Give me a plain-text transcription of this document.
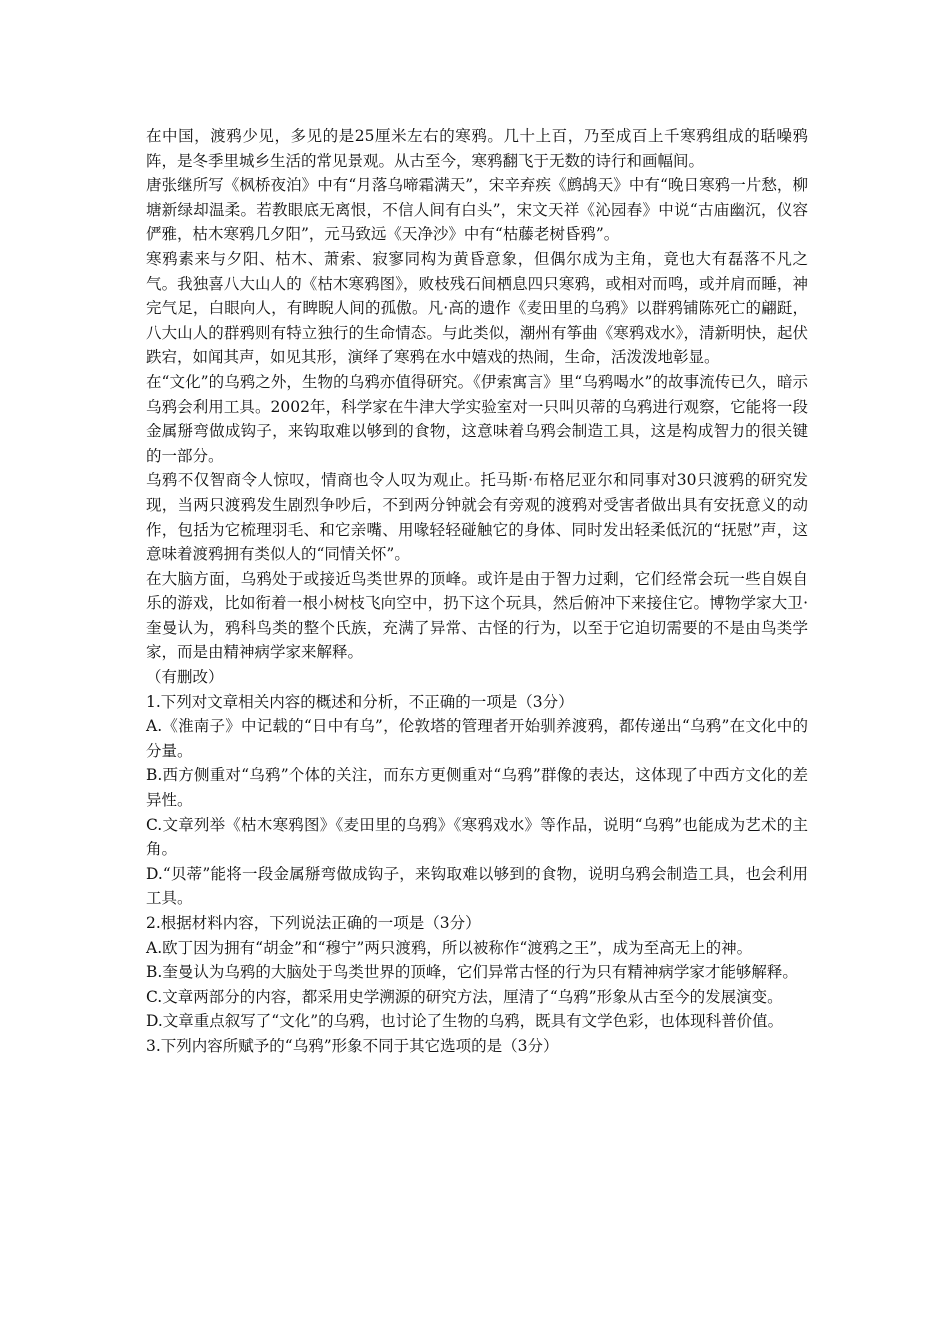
在中国，渡鸦少见，多见的是25厘米左右的寒鸦。几十上百，乃至成百上千寒鸦组成的聒噪鸦阵，是冬季里城乡生活的常见景观。从古至今，寒鸦翻飞于无数的诗行和画幅间。

唐张继所写《枫桥夜泊》中有“月落乌啼霜满天”，宋辛弃疾《鹧鸪天》中有“晚日寒鸦一片愁，柳塘新绿却温柔。若教眼底无离恨，不信人间有白头”，宋文天祥《沁园春》中说“古庙幽沉，仪容俨雅，枯木寒鸦几夕阳”，元马致远《天净沙》中有“枯藤老树昏鸦”。

寒鸦素来与夕阳、枯木、萧索、寂寥同构为黄昏意象，但偶尔成为主角，竟也大有磊落不凡之气。我独喜八大山人的《枯木寒鸦图》，败枝残石间栖息四只寒鸦，或相对而鸣，或并肩而睡，神完气足，白眼向人，有睥睨人间的孤傲。凡·高的遗作《麦田里的乌鸦》以群鸦铺陈死亡的翩跹，八大山人的群鸦则有特立独行的生命情态。与此类似，潮州有筝曲《寒鸦戏水》，清新明快，起伏跌宕，如闻其声，如见其形，演绎了寒鸦在水中嬉戏的热闹，生命，活泼泼地彰显。

在“文化”的乌鸦之外，生物的乌鸦亦值得研究。《伊索寓言》里“乌鸦喝水”的故事流传已久，暗示乌鸦会利用工具。2002年，科学家在牛津大学实验室对一只叫贝蒂的乌鸦进行观察，它能将一段金属掰弯做成钩子，来钩取难以够到的食物，这意味着乌鸦会制造工具，这是构成智力的很关键的一部分。

乌鸦不仅智商令人惊叹，情商也令人叹为观止。托马斯·布格尼亚尔和同事对30只渡鸦的研究发现，当两只渡鸦发生剧烈争吵后，不到两分钟就会有旁观的渡鸦对受害者做出具有安抚意义的动作，包括为它梳理羽毛、和它亲嘴、用喙轻轻碰触它的身体、同时发出轻柔低沉的“抚慰”声，这意味着渡鸦拥有类似人的“同情关怀”。

在大脑方面，乌鸦处于或接近鸟类世界的顶峰。或许是由于智力过剩，它们经常会玩一些自娱自乐的游戏，比如衔着一根小树枝飞向空中，扔下这个玩具，然后俯冲下来接住它。博物学家大卫·奎曼认为，鸦科鸟类的整个氏族，充满了异常、古怪的行为，以至于它迫切需要的不是由鸟类学家，而是由精神病学家来解释。

（有删改）

1.下列对文章相关内容的概述和分析，不正确的一项是（3分）

A.《淮南子》中记载的“日中有乌”，伦敦塔的管理者开始驯养渡鸦，都传递出“乌鸦”在文化中的分量。

B.西方侧重对“乌鸦”个体的关注，而东方更侧重对“乌鸦”群像的表达，这体现了中西方文化的差异性。

C.文章列举《枯木寒鸦图》《麦田里的乌鸦》《寒鸦戏水》等作品，说明“乌鸦”也能成为艺术的主角。

D.“贝蒂”能将一段金属掰弯做成钩子，来钩取难以够到的食物，说明乌鸦会制造工具，也会利用工具。

2.根据材料内容，下列说法正确的一项是（3分）

A.欧丁因为拥有“胡金”和“穆宁”两只渡鸦，所以被称作“渡鸦之王”，成为至高无上的神。

B.奎曼认为乌鸦的大脑处于鸟类世界的顶峰，它们异常古怪的行为只有精神病学家才能够解释。

C.文章两部分的内容，都采用史学溯源的研究方法，厘清了“乌鸦”形象从古至今的发展演变。

D.文章重点叙写了“文化”的乌鸦，也讨论了生物的乌鸦，既具有文学色彩，也体现科普价值。

3.下列内容所赋予的“乌鸦”形象不同于其它选项的是（3分）
